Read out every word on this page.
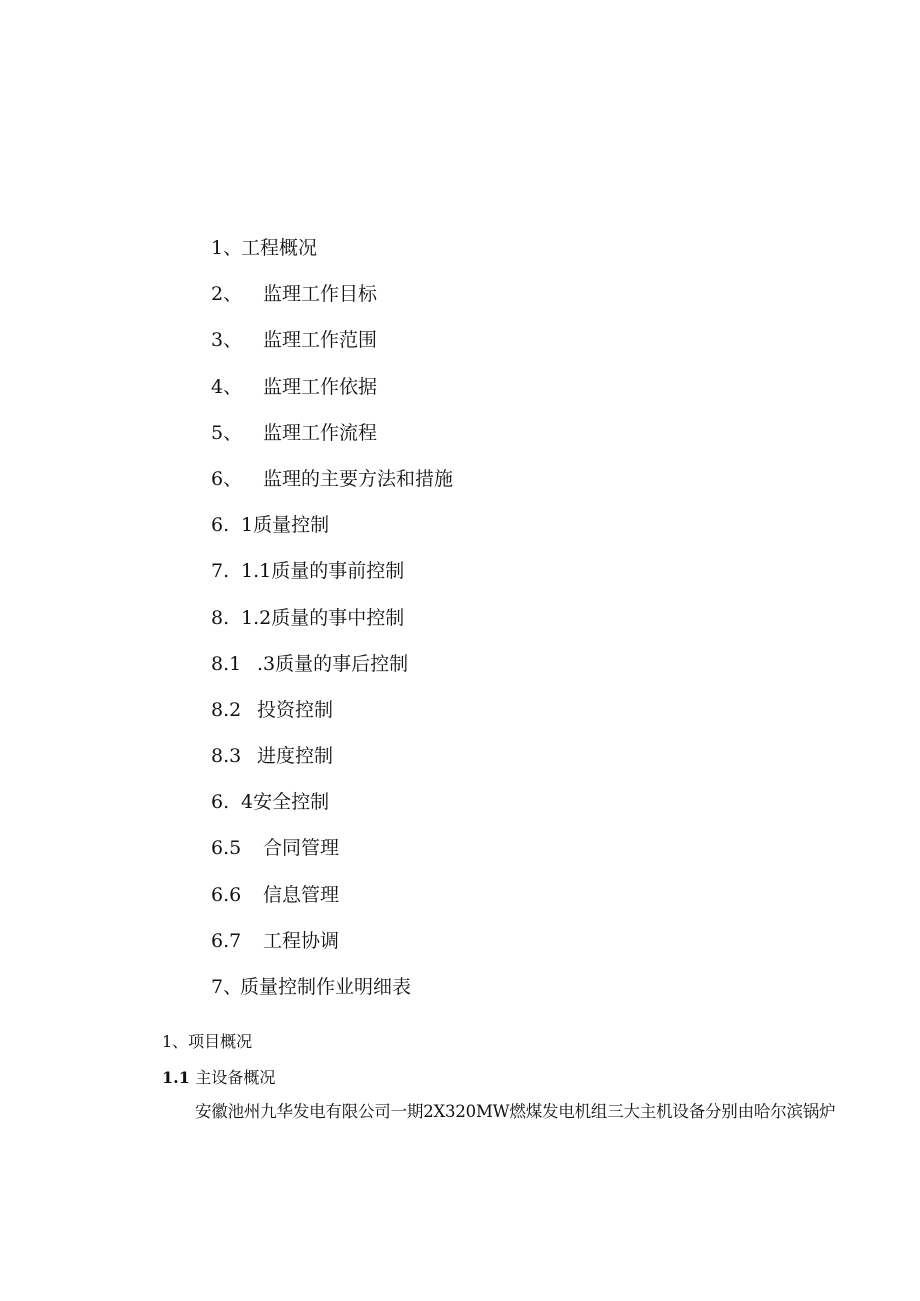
1、工程概况
2、 监理工作目标
3、 监理工作范围
4、 监理工作依据
5、 监理工作流程
6、 监理的主要方法和措施
6. 1质量控制
7. 1.1质量的事前控制
8. 1.2质量的事中控制
8.1 .3质量的事后控制
8.2 投资控制
8.3 进度控制
6. 4安全控制
6.5 合同管理
6.6 信息管理
6.7 工程协调
7、质量控制作业明细表
1、项目概况
1.1 主设备概况
安徽池州九华发电有限公司一期2X320MW燃煤发电机组三大主机设备分别由哈尔滨锅炉
